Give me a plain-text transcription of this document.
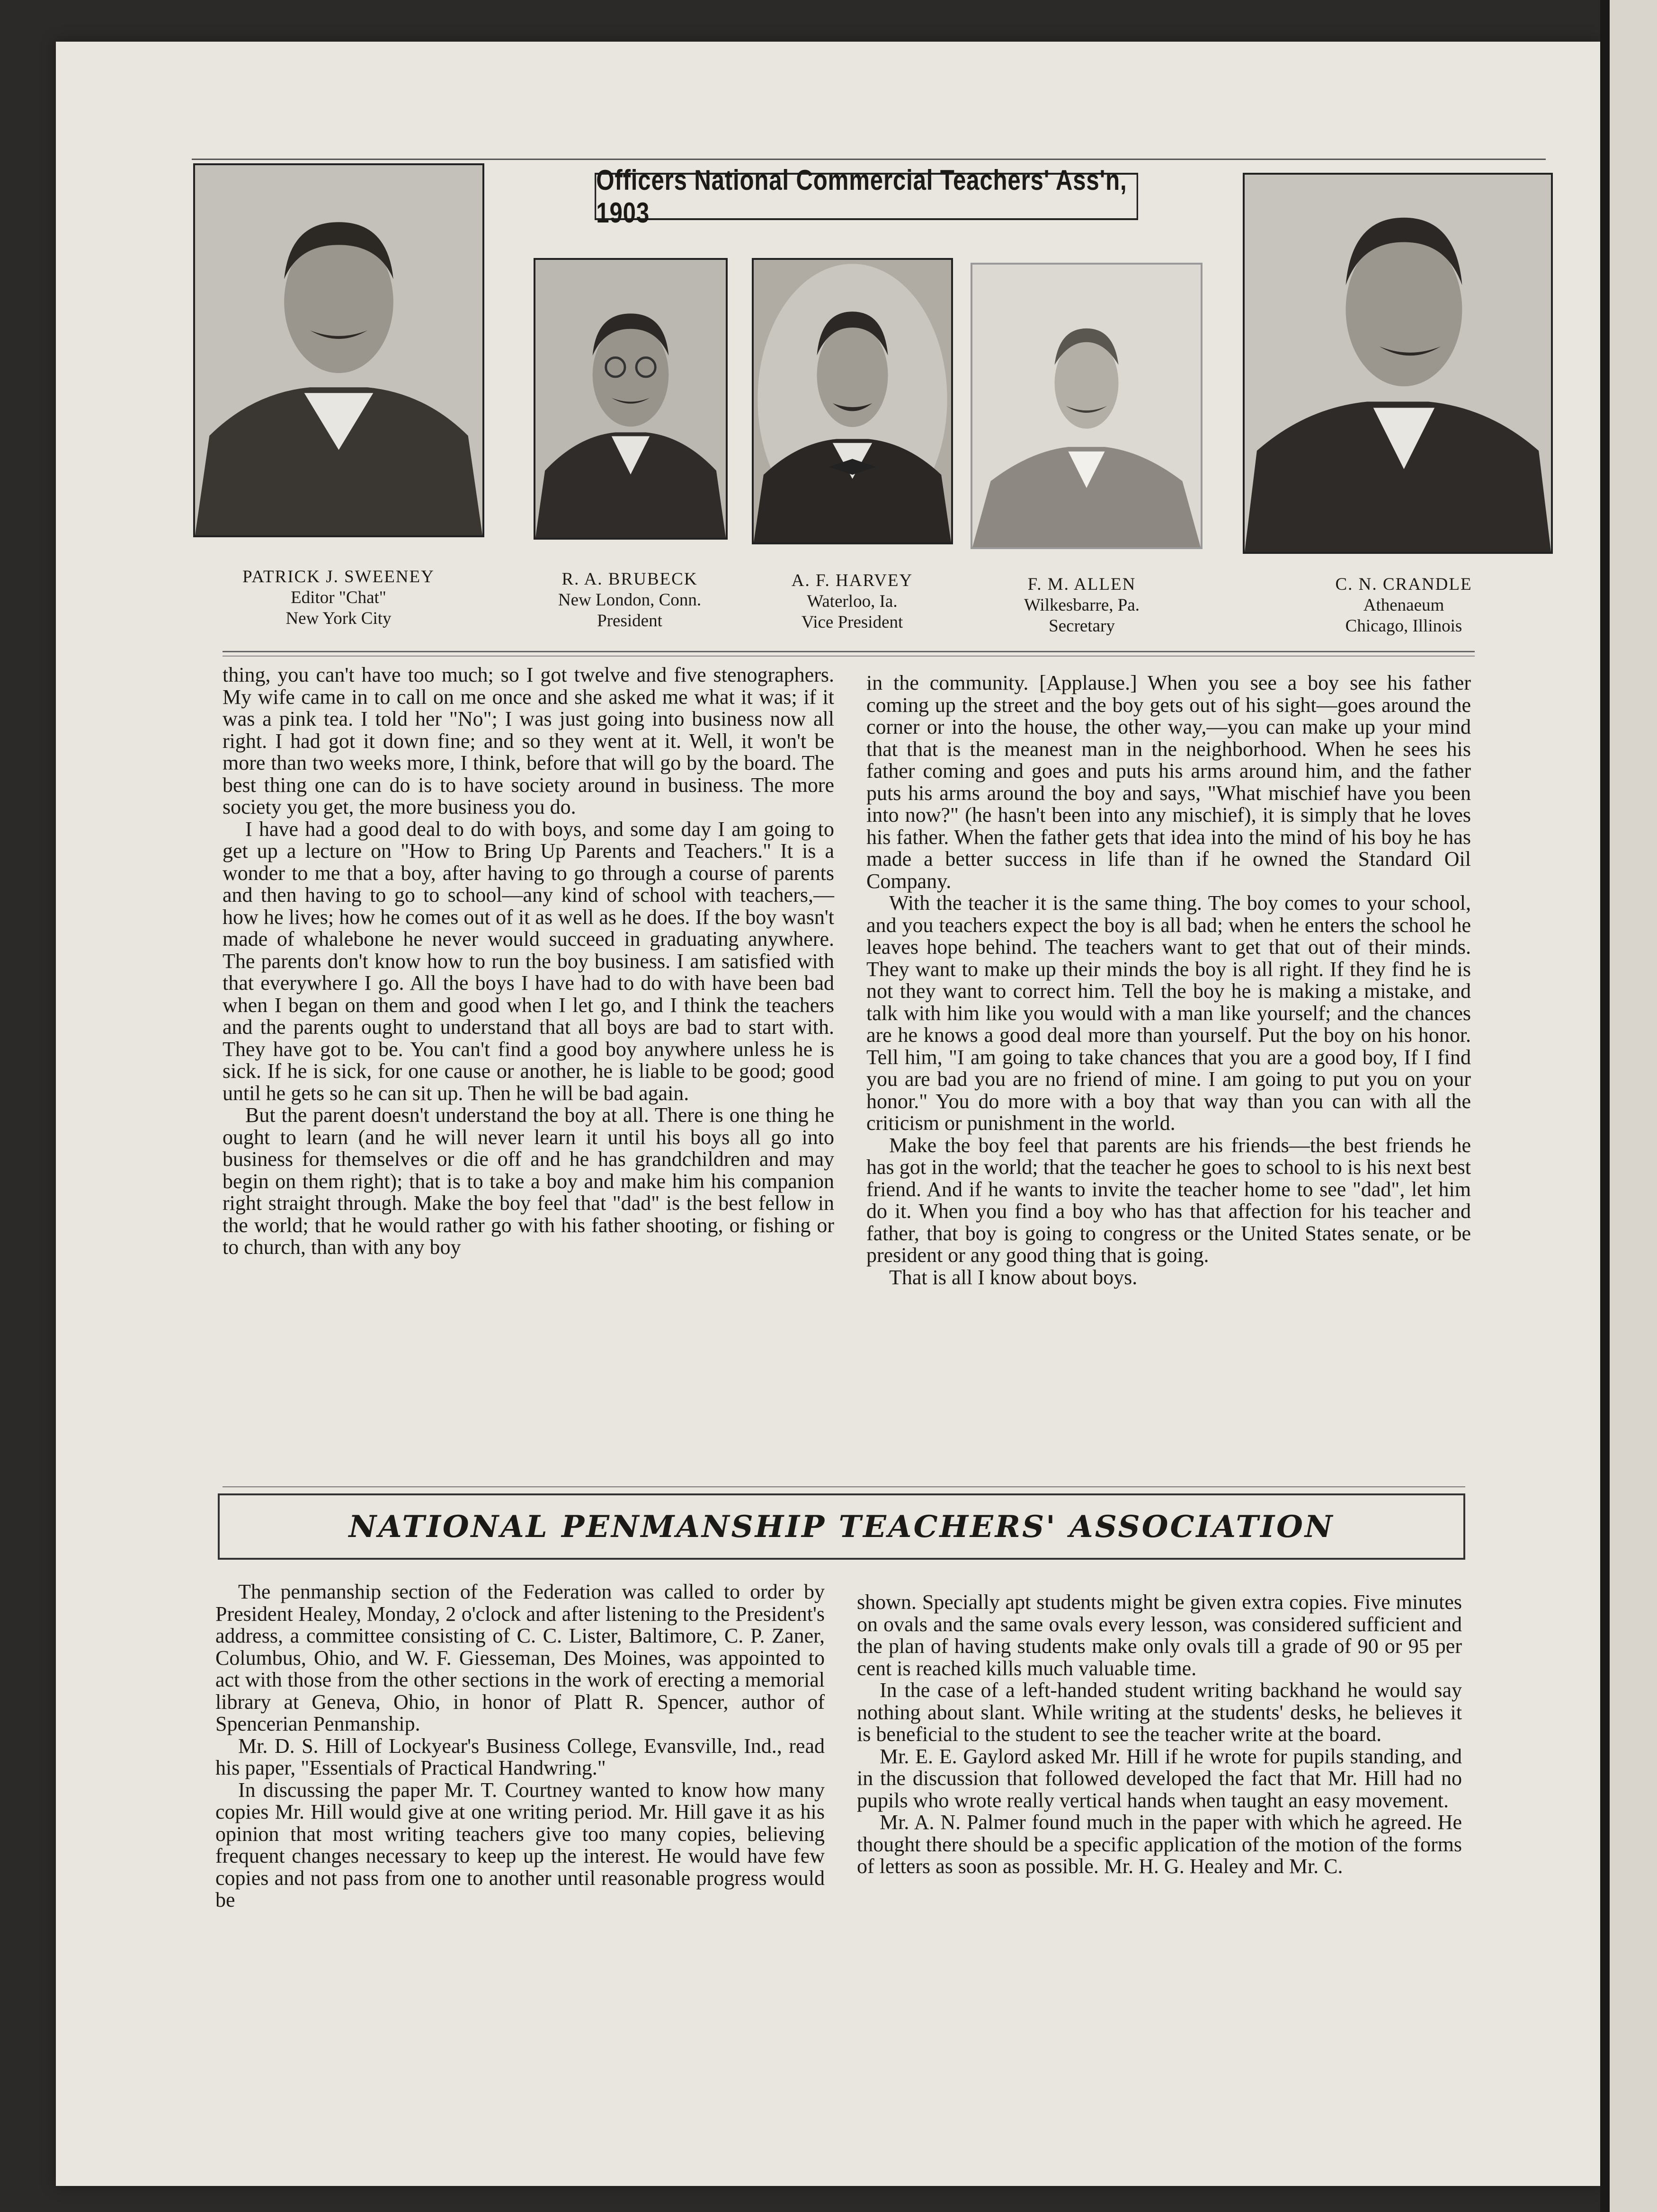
Officers National Commercial Teachers' Ass'n, 1903
PATRICK J. SWEENEY
Editor "Chat"
New York City
R. A. BRUBECK
New London, Conn.
President
A. F. HARVEY
Waterloo, Ia.
Vice President
F. M. ALLEN
Wilkesbarre, Pa.
Secretary
C. N. CRANDLE
Athenaeum
Chicago, Illinois

thing, you can't have too much; so I got twelve and five stenographers. My wife came in to call on me once and she asked me what it was; if it was a pink tea. I told her "No"; I was just going into business now all right. I had got it down fine; and so they went at it. Well, it won't be more than two weeks more, I think, before that will go by the board. The best thing one can do is to have society around in business. The more society you get, the more business you do.

I have had a good deal to do with boys, and some day I am going to get up a lecture on "How to Bring Up Parents and Teachers." It is a wonder to me that a boy, after having to go through a course of parents and then having to go to school—any kind of school with teachers,—how he lives; how he comes out of it as well as he does. If the boy wasn't made of whalebone he never would succeed in graduating anywhere. The parents don't know how to run the boy business. I am satisfied with that everywhere I go. All the boys I have had to do with have been bad when I began on them and good when I let go, and I think the teachers and the parents ought to understand that all boys are bad to start with. They have got to be. You can't find a good boy anywhere unless he is sick. If he is sick, for one cause or another, he is liable to be good; good until he gets so he can sit up. Then he will be bad again.

But the parent doesn't understand the boy at all. There is one thing he ought to learn (and he will never learn it until his boys all go into business for themselves or die off and he has grandchildren and may begin on them right); that is to take a boy and make him his companion right straight through. Make the boy feel that "dad" is the best fellow in the world; that he would rather go with his father shooting, or fishing or to church, than with any boy

in the community. [Applause.] When you see a boy see his father coming up the street and the boy gets out of his sight—goes around the corner or into the house, the other way,—you can make up your mind that that is the meanest man in the neighborhood. When he sees his father coming and goes and puts his arms around him, and the father puts his arms around the boy and says, "What mischief have you been into now?" (he hasn't been into any mischief), it is simply that he loves his father. When the father gets that idea into the mind of his boy he has made a better success in life than if he owned the Standard Oil Company.

With the teacher it is the same thing. The boy comes to your school, and you teachers expect the boy is all bad; when he enters the school he leaves hope behind. The teachers want to get that out of their minds. They want to make up their minds the boy is all right. If they find he is not they want to correct him. Tell the boy he is making a mistake, and talk with him like you would with a man like yourself; and the chances are he knows a good deal more than yourself. Put the boy on his honor. Tell him, "I am going to take chances that you are a good boy, If I find you are bad you are no friend of mine. I am going to put you on your honor." You do more with a boy that way than you can with all the criticism or punishment in the world.

Make the boy feel that parents are his friends—the best friends he has got in the world; that the teacher he goes to school to is his next best friend. And if he wants to invite the teacher home to see "dad", let him do it. When you find a boy who has that affection for his teacher and father, that boy is going to congress or the United States senate, or be president or any good thing that is going.

That is all I know about boys.

NATIONAL PENMANSHIP TEACHERS' ASSOCIATION

The penmanship section of the Federation was called to order by President Healey, Monday, 2 o'clock and after listening to the President's address, a committee consisting of C. C. Lister, Baltimore, C. P. Zaner, Columbus, Ohio, and W. F. Giesseman, Des Moines, was appointed to act with those from the other sections in the work of erecting a memorial library at Geneva, Ohio, in honor of Platt R. Spencer, author of Spencerian Penmanship.

Mr. D. S. Hill of Lockyear's Business College, Evansville, Ind., read his paper, "Essentials of Practical Handwring."

In discussing the paper Mr. T. Courtney wanted to know how many copies Mr. Hill would give at one writing period. Mr. Hill gave it as his opinion that most writing teachers give too many copies, believing frequent changes necessary to keep up the interest. He would have few copies and not pass from one to another until reasonable progress would be

shown. Specially apt students might be given extra copies. Five minutes on ovals and the same ovals every lesson, was considered sufficient and the plan of having students make only ovals till a grade of 90 or 95 per cent is reached kills much valuable time.

In the case of a left-handed student writing backhand he would say nothing about slant. While writing at the students' desks, he believes it is beneficial to the student to see the teacher write at the board.

Mr. E. E. Gaylord asked Mr. Hill if he wrote for pupils standing, and in the discussion that followed developed the fact that Mr. Hill had no pupils who wrote really vertical hands when taught an easy movement.

Mr. A. N. Palmer found much in the paper with which he agreed. He thought there should be a specific application of the motion of the forms of letters as soon as possible. Mr. H. G. Healey and Mr. C.
